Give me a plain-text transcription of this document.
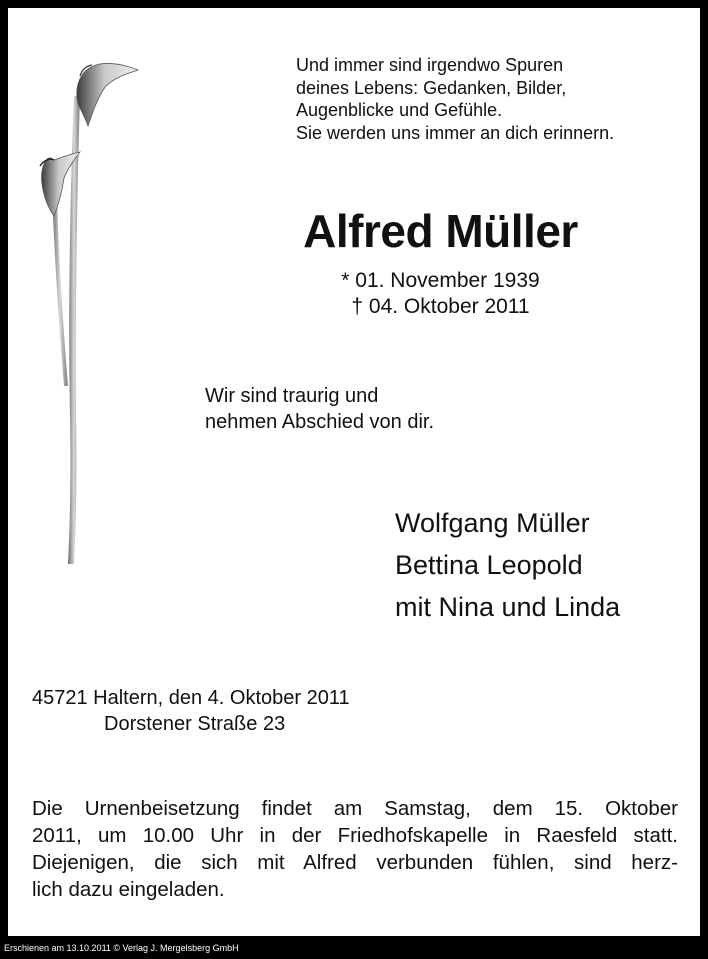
Und immer sind irgendwo Spuren
deines Lebens: Gedanken, Bilder,
Augenblicke und Gefühle.
Sie werden uns immer an dich erinnern.

Alfred Müller

* 01. November 1939
† 04. Oktober 2011

Wir sind traurig und
nehmen Abschied von dir.

Wolfgang Müller
Bettina Leopold
mit Nina und Linda

45721 Haltern, den 4. Oktober 2011
Dorstener Straße 23

Die Urnenbeisetzung findet am Samstag, dem 15. Oktober
2011, um 10.00 Uhr in der Friedhofskapelle in Raesfeld statt.
Diejenigen, die sich mit Alfred verbunden fühlen, sind herz-
lich dazu eingeladen.

Erschienen am 13.10.2011 © Verlag J. Mergelsberg GmbH
